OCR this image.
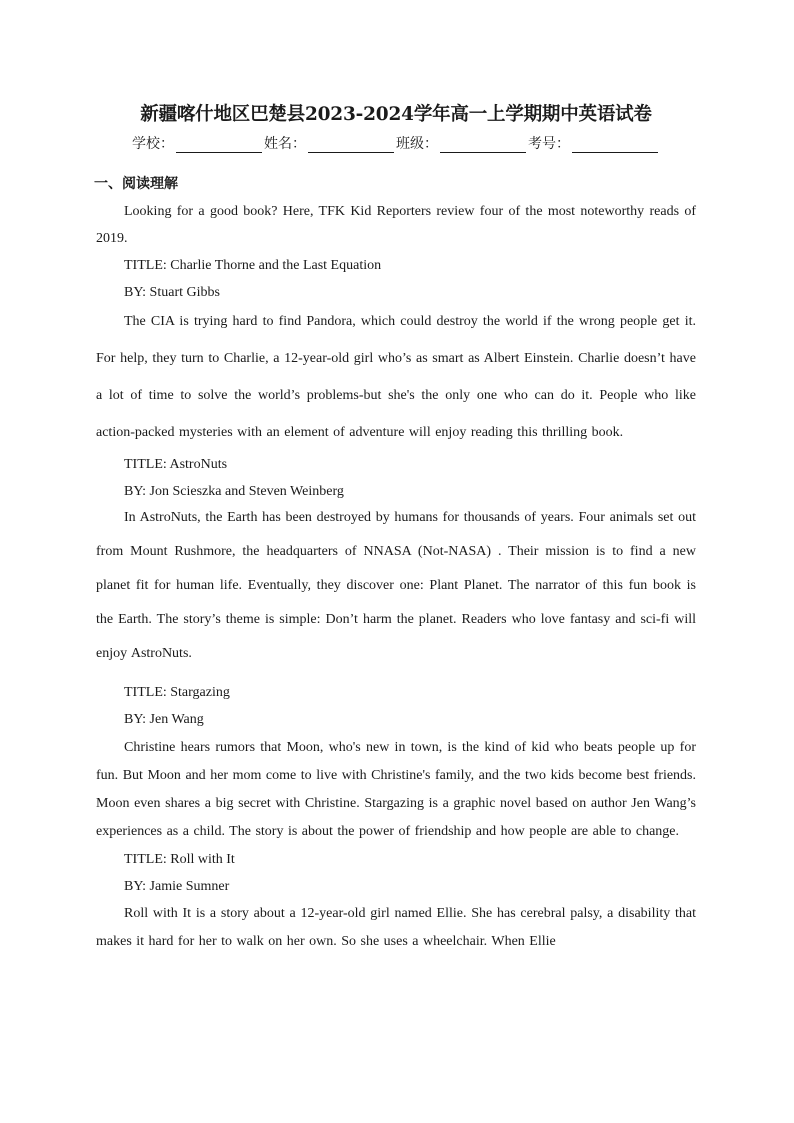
新疆喀什地区巴楚县2023-2024学年高一上学期期中英语试卷
学校：	姓名：	班级：	考号：
一、阅读理解

Looking for a good book? Here, TFK Kid Reporters review four of the most noteworthy reads of 2019.

TITLE: Charlie Thorne and the Last Equation

BY: Stuart Gibbs

The CIA is trying hard to find Pandora, which could destroy the world if the wrong people get it. For help, they turn to Charlie, a 12-year-old girl who’s as smart as Albert Einstein. Charlie doesn’t have a lot of time to solve the world’s problems-but she's the only one who can do it. People who like action-packed mysteries with an element of adventure will enjoy reading this thrilling book.

TITLE: AstroNuts

BY: Jon Scieszka and Steven Weinberg

In AstroNuts, the Earth has been destroyed by humans for thousands of years. Four animals set out from Mount Rushmore, the headquarters of NNASA (Not-NASA) . Their mission is to find a new planet fit for human life. Eventually, they discover one: Plant Planet. The narrator of this fun book is the Earth. The story’s theme is simple: Don’t harm the planet. Readers who love fantasy and sci-fi will enjoy AstroNuts.

TITLE: Stargazing

BY: Jen Wang

Christine hears rumors that Moon, who's new in town, is the kind of kid who beats people up for fun. But Moon and her mom come to live with Christine's family, and the two kids become best friends. Moon even shares a big secret with Christine. Stargazing is a graphic novel based on author Jen Wang’s experiences as a child. The story is about the power of friendship and how people are able to change.

TITLE: Roll with It

BY: Jamie Sumner

Roll with It is a story about a 12-year-old girl named Ellie. She has cerebral palsy, a disability that makes it hard for her to walk on her own. So she uses a wheelchair. When Ellie
